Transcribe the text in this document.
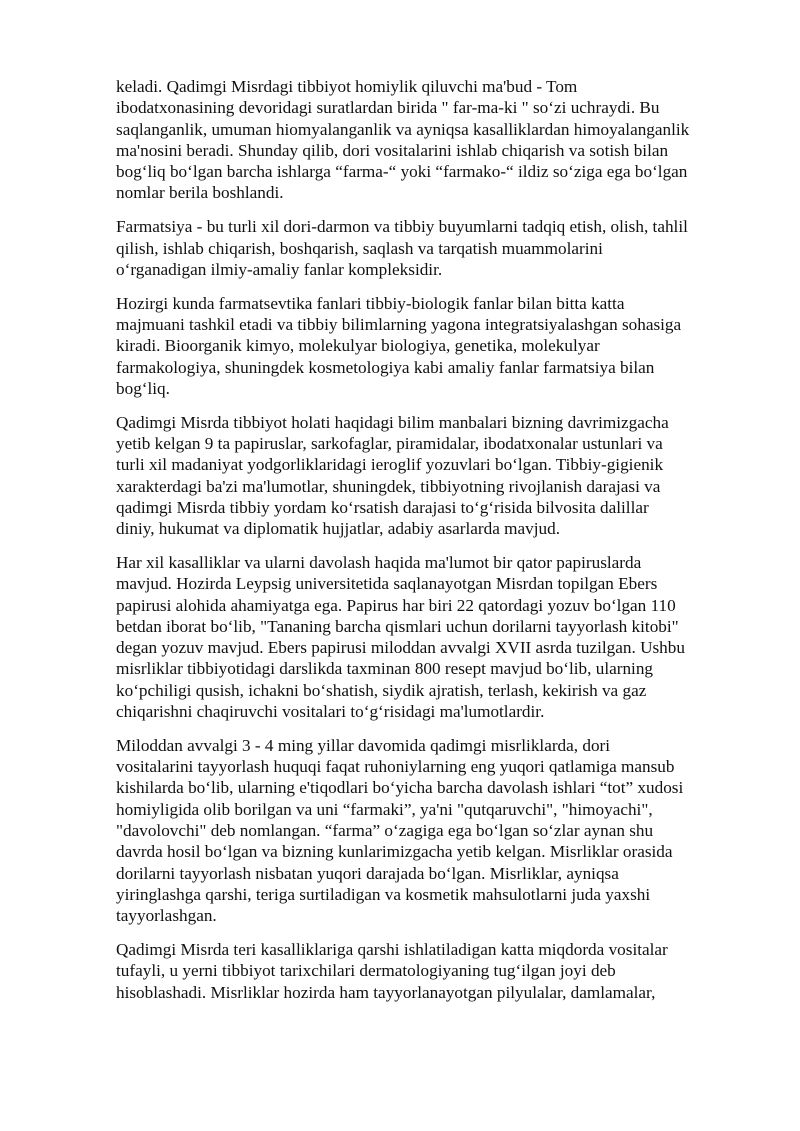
keladi. Qadimgi Misrdagi tibbiyot homiylik qiluvchi ma'bud - Tom
ibodatxonasining devoridagi suratlardan birida " far-ma-ki " so‘zi uchraydi. Bu
saqlanganlik, umuman hiomyalanganlik va ayniqsa kasalliklardan himoyalanganlik
ma'nosini beradi. Shunday qilib, dori vositalarini ishlab chiqarish va sotish bilan
bog‘liq bo‘lgan barcha ishlarga “farma-“ yoki “farmako-“ ildiz so‘ziga ega bo‘lgan
nomlar berila boshlandi.

Farmatsiya - bu turli xil dori-darmon va tibbiy buyumlarni tadqiq etish, olish, tahlil
qilish, ishlab chiqarish, boshqarish, saqlash va tarqatish muammolarini
o‘rganadigan ilmiy-amaliy fanlar kompleksidir.

Hozirgi kunda farmatsevtika fanlari tibbiy-biologik fanlar bilan bitta katta
majmuani tashkil etadi va tibbiy bilimlarning yagona integratsiyalashgan sohasiga
kiradi. Bioorganik kimyo, molekulyar biologiya, genetika, molekulyar
farmakologiya, shuningdek kosmetologiya kabi amaliy fanlar farmatsiya bilan
bog‘liq.

Qadimgi Misrda tibbiyot holati haqidagi bilim manbalari bizning davrimizgacha
yetib kelgan 9 ta papiruslar, sarkofaglar, piramidalar, ibodatxonalar ustunlari va
turli xil madaniyat yodgorliklaridagi ieroglif yozuvlari bo‘lgan. Tibbiy-gigienik
xarakterdagi ba'zi ma'lumotlar, shuningdek, tibbiyotning rivojlanish darajasi va
qadimgi Misrda tibbiy yordam ko‘rsatish darajasi to‘g‘risida bilvosita dalillar
diniy, hukumat va diplomatik hujjatlar, adabiy asarlarda mavjud.

Har xil kasalliklar va ularni davolash haqida ma'lumot bir qator papiruslarda
mavjud. Hozirda Leypsig universitetida saqlanayotgan Misrdan topilgan Ebers
papirusi alohida ahamiyatga ega. Papirus har biri 22 qatordagi yozuv bo‘lgan 110
betdan iborat bo‘lib, "Tananing barcha qismlari uchun dorilarni tayyorlash kitobi"
degan yozuv mavjud. Ebers papirusi miloddan avvalgi XVII asrda tuzilgan. Ushbu
misrliklar tibbiyotidagi darslikda taxminan 800 resept mavjud bo‘lib, ularning
ko‘pchiligi qusish, ichakni bo‘shatish, siydik ajratish, terlash, kekirish va gaz
chiqarishni chaqiruvchi vositalari to‘g‘risidagi ma'lumotlardir.

Miloddan avvalgi 3 - 4 ming yillar davomida qadimgi misrliklarda, dori
vositalarini tayyorlash huquqi faqat ruhoniylarning eng yuqori qatlamiga mansub
kishilarda bo‘lib, ularning e'tiqodlari bo‘yicha barcha davolash ishlari “tot” xudosi
homiyligida olib borilgan va uni “farmaki”, ya'ni "qutqaruvchi", "himoyachi",
"davolovchi" deb nomlangan. “farma” o‘zagiga ega bo‘lgan so‘zlar aynan shu
davrda hosil bo‘lgan va bizning kunlarimizgacha yetib kelgan. Misrliklar orasida
dorilarni tayyorlash nisbatan yuqori darajada bo‘lgan. Misrliklar, ayniqsa
yiringlashga qarshi, teriga surtiladigan va kosmetik mahsulotlarni juda yaxshi
tayyorlashgan.

Qadimgi Misrda teri kasalliklariga qarshi ishlatiladigan katta miqdorda vositalar
tufayli, u yerni tibbiyot tarixchilari dermatologiyaning tug‘ilgan joyi deb
hisoblashadi. Misrliklar hozirda ham tayyorlanayotgan pilyulalar, damlamalar,
